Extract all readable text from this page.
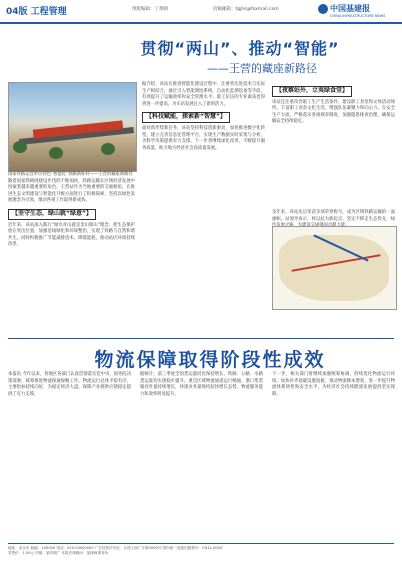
04版 工程管理	组版编辑：丁黄晴	投稿邮箱：tgjhs@foxmail.com	中国基建报
CHINA INFRASTRUCTURE NEWS
贯彻“两山”、推动“智能”
——王营的藏座新路径
国家铁路运营单位特色“智能化”铁路新标杆——王营的藏座新路径
随着国家铁路网建设步伐的不断加快，铁路运输在区域经济发展中扮演着越来越重要的角色。王营站作为当地重要的交通枢纽，在推进生态文明建设与智能化升级方面进行了积极探索，坚持以绿色发展理念为引领，推动各项工作取得新成效。
【坚守生态，绿山就“绿意”】
近年来，该站深入践行“绿水青山就是金山银山”理念，把生态保护放在突出位置，加强沿线绿化和环境整治，实现了铁路与自然和谐共生。同时积极推广节能减排技术，降低能耗，推动站区环境持续改善。
据介绍，该站在推进智能化建设过程中，注重将先进技术与实际生产相结合，通过引入智能调度系统、自动化监测设备等手段，有效提升了运输效率和安全管理水平。职工队伍的专业素质也得到进一步提高，为车站发展注入了新的活力。
【科技赋能，探索新“智慧”】
面对新形势新任务，该站坚持科技创新驱动，加快推进数字化转型，建立完善信息化管理平台，实现生产数据实时采集与分析，为科学决策提供有力支撑。下一步将继续深化改革，不断提升服务质量，助力地方经济社会高质量发展。
【夜察站外，立夷绿食堂】
该站还注重改善职工生产生活条件，建设职工食堂和文体活动场所，丰富职工业余文化生活，增强队伍凝聚力和向心力。在安全生产方面，严格落实各项规章制度，加强隐患排查治理，确保运输安全持续稳定。
多年来，该站先后荣获多项荣誉称号，成为区域铁路运输的一面旗帜。站领导表示，将以此为新起点，坚定不移走生态优先、绿
物流保障取得阶段性成效
本报讯 今年以来，各地区各部门认真贯彻落实党中央、国务院决策部署，统筹推进物流保通保畅工作，物流运行总体平稳有序，主要指标持续向好，为稳定经济大盘、保障产业链供应链稳定提供了有力支撑。
据统计，前三季度全国货运量同比保持增长，铁路、公路、水路货运量均实现稳步提升。重点区域物流通道运行畅通，港口集装箱吞吐量持续增长，快递业务量保持较快增长态势，物流服务能力和效率明显提升。
下一步，相关部门将继续加强统筹协调，持续优化物流运行环境，加快补齐基础设施短板，推动物流降本增效，进一步提升物流体系韧性和安全水平，为经济社会持续健康发展提供坚实保障。
地址：北京市 邮编：100000 电话：010-00000000 广告经营许可证：京西工商广字第0000号 国内统一连续出版物号：CN11-0000
零售价：1.50元 印刷：某印刷厂 本报法律顾问：某律师事务所
